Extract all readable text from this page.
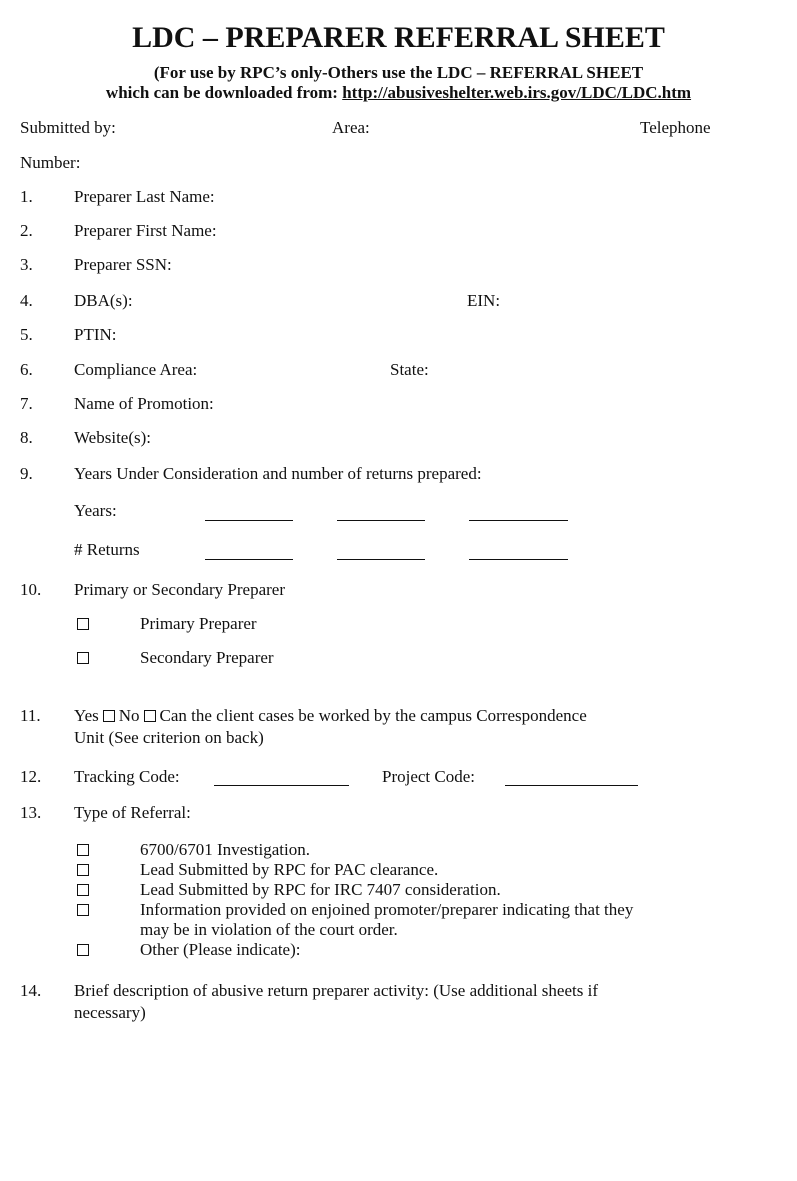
LDC – PREPARER REFERRAL SHEET
(For use by RPC’s only-Others use the LDC – REFERRAL SHEET
which can be downloaded from: http://abusiveshelter.web.irs.gov/LDC/LDC.htm
Submitted by:	Area:	Telephone
Number:
1. Preparer Last Name:
2. Preparer First Name:
3. Preparer SSN:
4. DBA(s):	EIN:
5. PTIN:
6. Compliance Area:	State:
7. Name of Promotion:
8. Website(s):
9. Years Under Consideration and number of returns prepared:
Years:
# Returns
10. Primary or Secondary Preparer
Primary Preparer
Secondary Preparer
11. Yes No Can the client cases be worked by the campus Correspondence
Unit (See criterion on back)
12. Tracking Code:	Project Code:
13. Type of Referral:
6700/6701 Investigation.
Lead Submitted by RPC for PAC clearance.
Lead Submitted by RPC for IRC 7407 consideration.
Information provided on enjoined promoter/preparer indicating that they
may be in violation of the court order.
Other (Please indicate):
14. Brief description of abusive return preparer activity: (Use additional sheets if
necessary)
